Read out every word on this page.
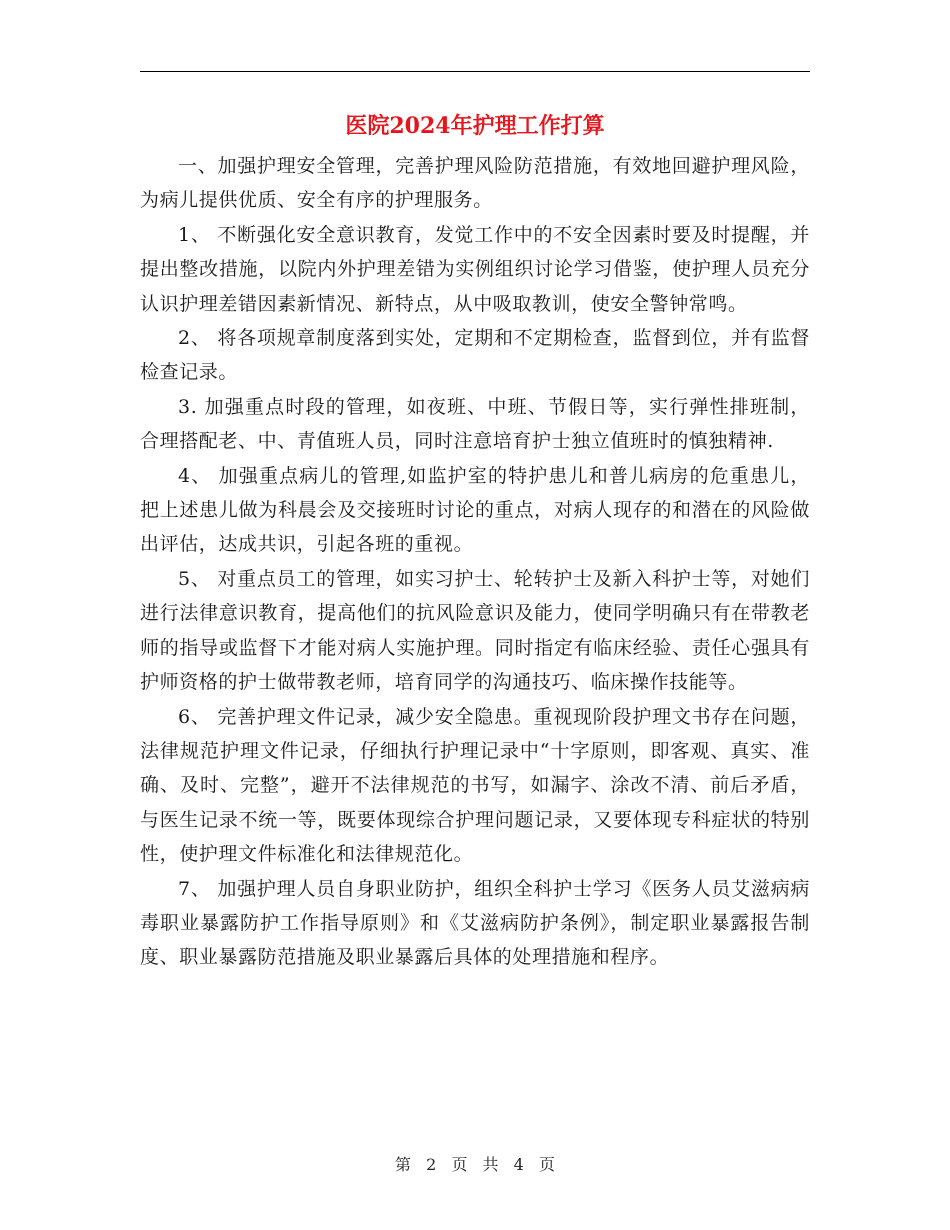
医院2024年护理工作打算

一、加强护理安全管理，完善护理风险防范措施，有效地回避护理风险，为病儿提供优质、安全有序的护理服务。

1、 不断强化安全意识教育，发觉工作中的不安全因素时要及时提醒，并提出整改措施，以院内外护理差错为实例组织讨论学习借鉴，使护理人员充分认识护理差错因素新情况、新特点，从中吸取教训，使安全警钟常鸣。

2、 将各项规章制度落到实处，定期和不定期检查，监督到位，并有监督检查记录。

3. 加强重点时段的管理，如夜班、中班、节假日等，实行弹性排班制，合理搭配老、中、青值班人员，同时注意培育护士独立值班时的慎独精神.

4、 加强重点病儿的管理,如监护室的特护患儿和普儿病房的危重患儿，把上述患儿做为科晨会及交接班时讨论的重点，对病人现存的和潜在的风险做出评估，达成共识，引起各班的重视。

5、 对重点员工的管理，如实习护士、轮转护士及新入科护士等，对她们进行法律意识教育，提高他们的抗风险意识及能力，使同学明确只有在带教老师的指导或监督下才能对病人实施护理。同时指定有临床经验、责任心强具有护师资格的护士做带教老师，培育同学的沟通技巧、临床操作技能等。

6、 完善护理文件记录，减少安全隐患。重视现阶段护理文书存在问题，法律规范护理文件记录，仔细执行护理记录中“十字原则，即客观、真实、准确、及时、完整”，避开不法律规范的书写，如漏字、涂改不清、前后矛盾，与医生记录不统一等，既要体现综合护理问题记录，又要体现专科症状的特别性，使护理文件标准化和法律规范化。

7、 加强护理人员自身职业防护，组织全科护士学习《医务人员艾滋病病毒职业暴露防护工作指导原则》和《艾滋病防护条例》，制定职业暴露报告制度、职业暴露防范措施及职业暴露后具体的处理措施和程序。

第 2 页 共 4 页
